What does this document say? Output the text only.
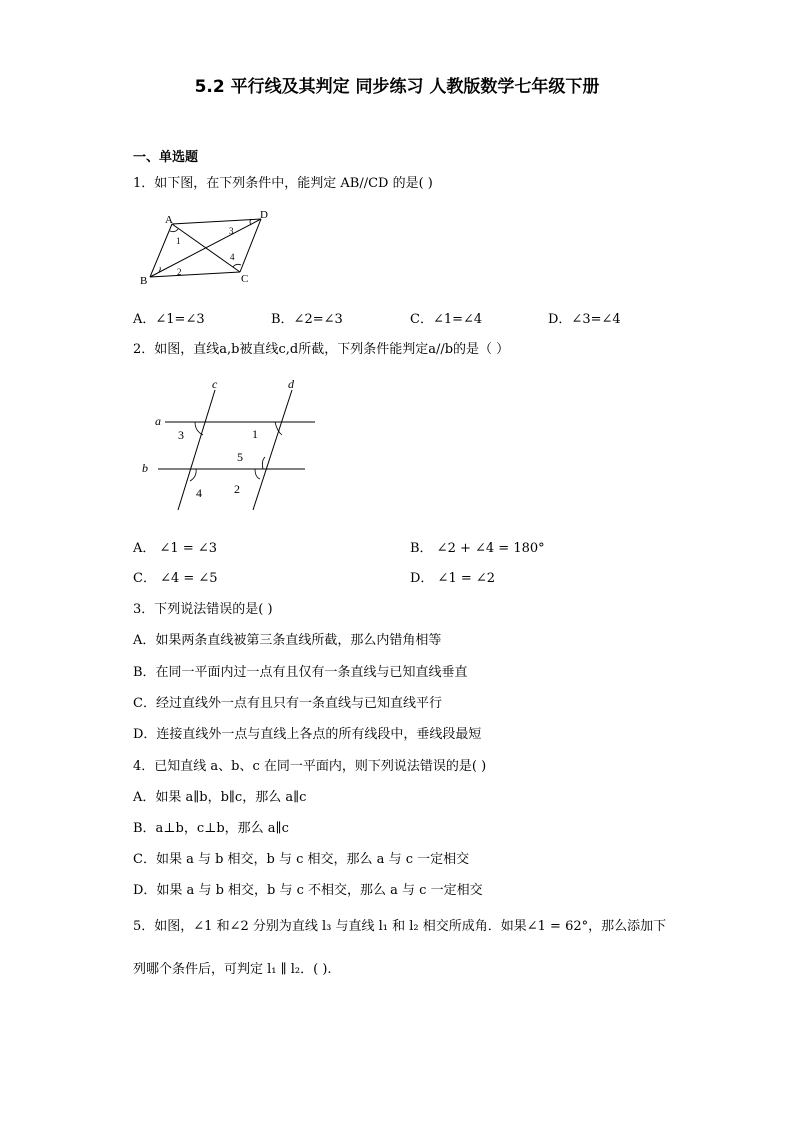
5.2 平行线及其判定 同步练习 人教版数学七年级下册
一、单选题
1．如下图，在下列条件中，能判定 AB//CD 的是( )
A
B	C
D
1
2
3
4
A．∠1=∠3	B．∠2=∠3	C．∠1=∠4	D．∠3=∠4
2．如图，直线a,b被直线c,d所截，下列条件能判定a//b的是（ ）
c	d
a
b
1
2
3
4
5
A． ∠1 = ∠3	B． ∠2 + ∠4 = 180°
C． ∠4 = ∠5	D． ∠1 = ∠2
3．下列说法错误的是( )
A．如果两条直线被第三条直线所截，那么内错角相等
B．在同一平面内过一点有且仅有一条直线与已知直线垂直
C．经过直线外一点有且只有一条直线与已知直线平行
D．连接直线外一点与直线上各点的所有线段中，垂线段最短
4．已知直线 a、b、c 在同一平面内，则下列说法错误的是( )
A．如果 a∥b，b∥c，那么 a∥c
B．a⊥b，c⊥b，那么 a∥c
C．如果 a 与 b 相交，b 与 c 相交，那么 a 与 c 一定相交
D．如果 a 与 b 相交，b 与 c 不相交，那么 a 与 c 一定相交
5．如图，∠1 和∠2 分别为直线 l₃ 与直线 l₁ 和 l₂ 相交所成角．如果∠1 = 62°，那么添加下
列哪个条件后，可判定 l₁ ∥ l₂．( ).
